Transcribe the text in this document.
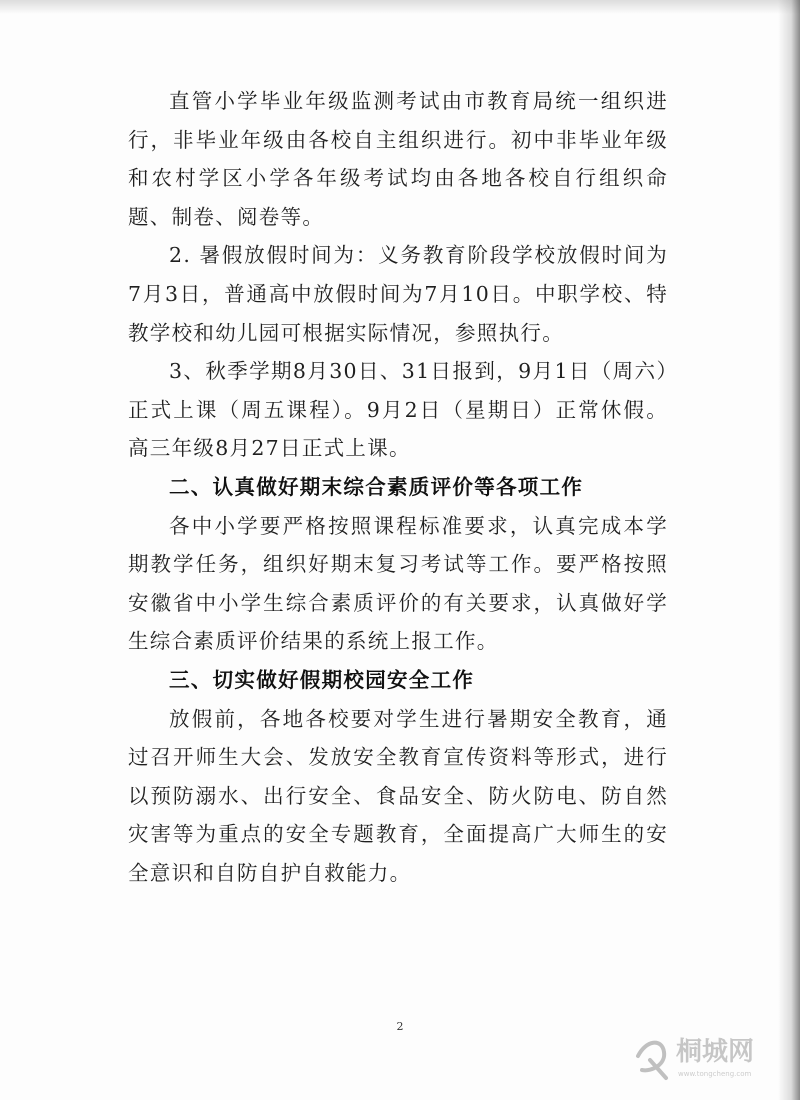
直管小学毕业年级监测考试由市教育局统一组织进行，非毕业年级由各校自主组织进行。初中非毕业年级和农村学区小学各年级考试均由各地各校自行组织命题、制卷、阅卷等。

2. 暑假放假时间为：义务教育阶段学校放假时间为7月3日，普通高中放假时间为7月10日。中职学校、特教学校和幼儿园可根据实际情况，参照执行。

3、秋季学期8月30日、31日报到，9月1日（周六）正式上课（周五课程）。9月2日（星期日）正常休假。高三年级8月27日正式上课。

二、认真做好期末综合素质评价等各项工作

各中小学要严格按照课程标准要求，认真完成本学期教学任务，组织好期末复习考试等工作。要严格按照安徽省中小学生综合素质评价的有关要求，认真做好学生综合素质评价结果的系统上报工作。

三、切实做好假期校园安全工作

放假前，各地各校要对学生进行暑期安全教育，通过召开师生大会、发放安全教育宣传资料等形式，进行以预防溺水、出行安全、食品安全、防火防电、防自然灾害等为重点的安全专题教育，全面提高广大师生的安全意识和自防自护自救能力。

2
桐城网
www.tongcheng.com
